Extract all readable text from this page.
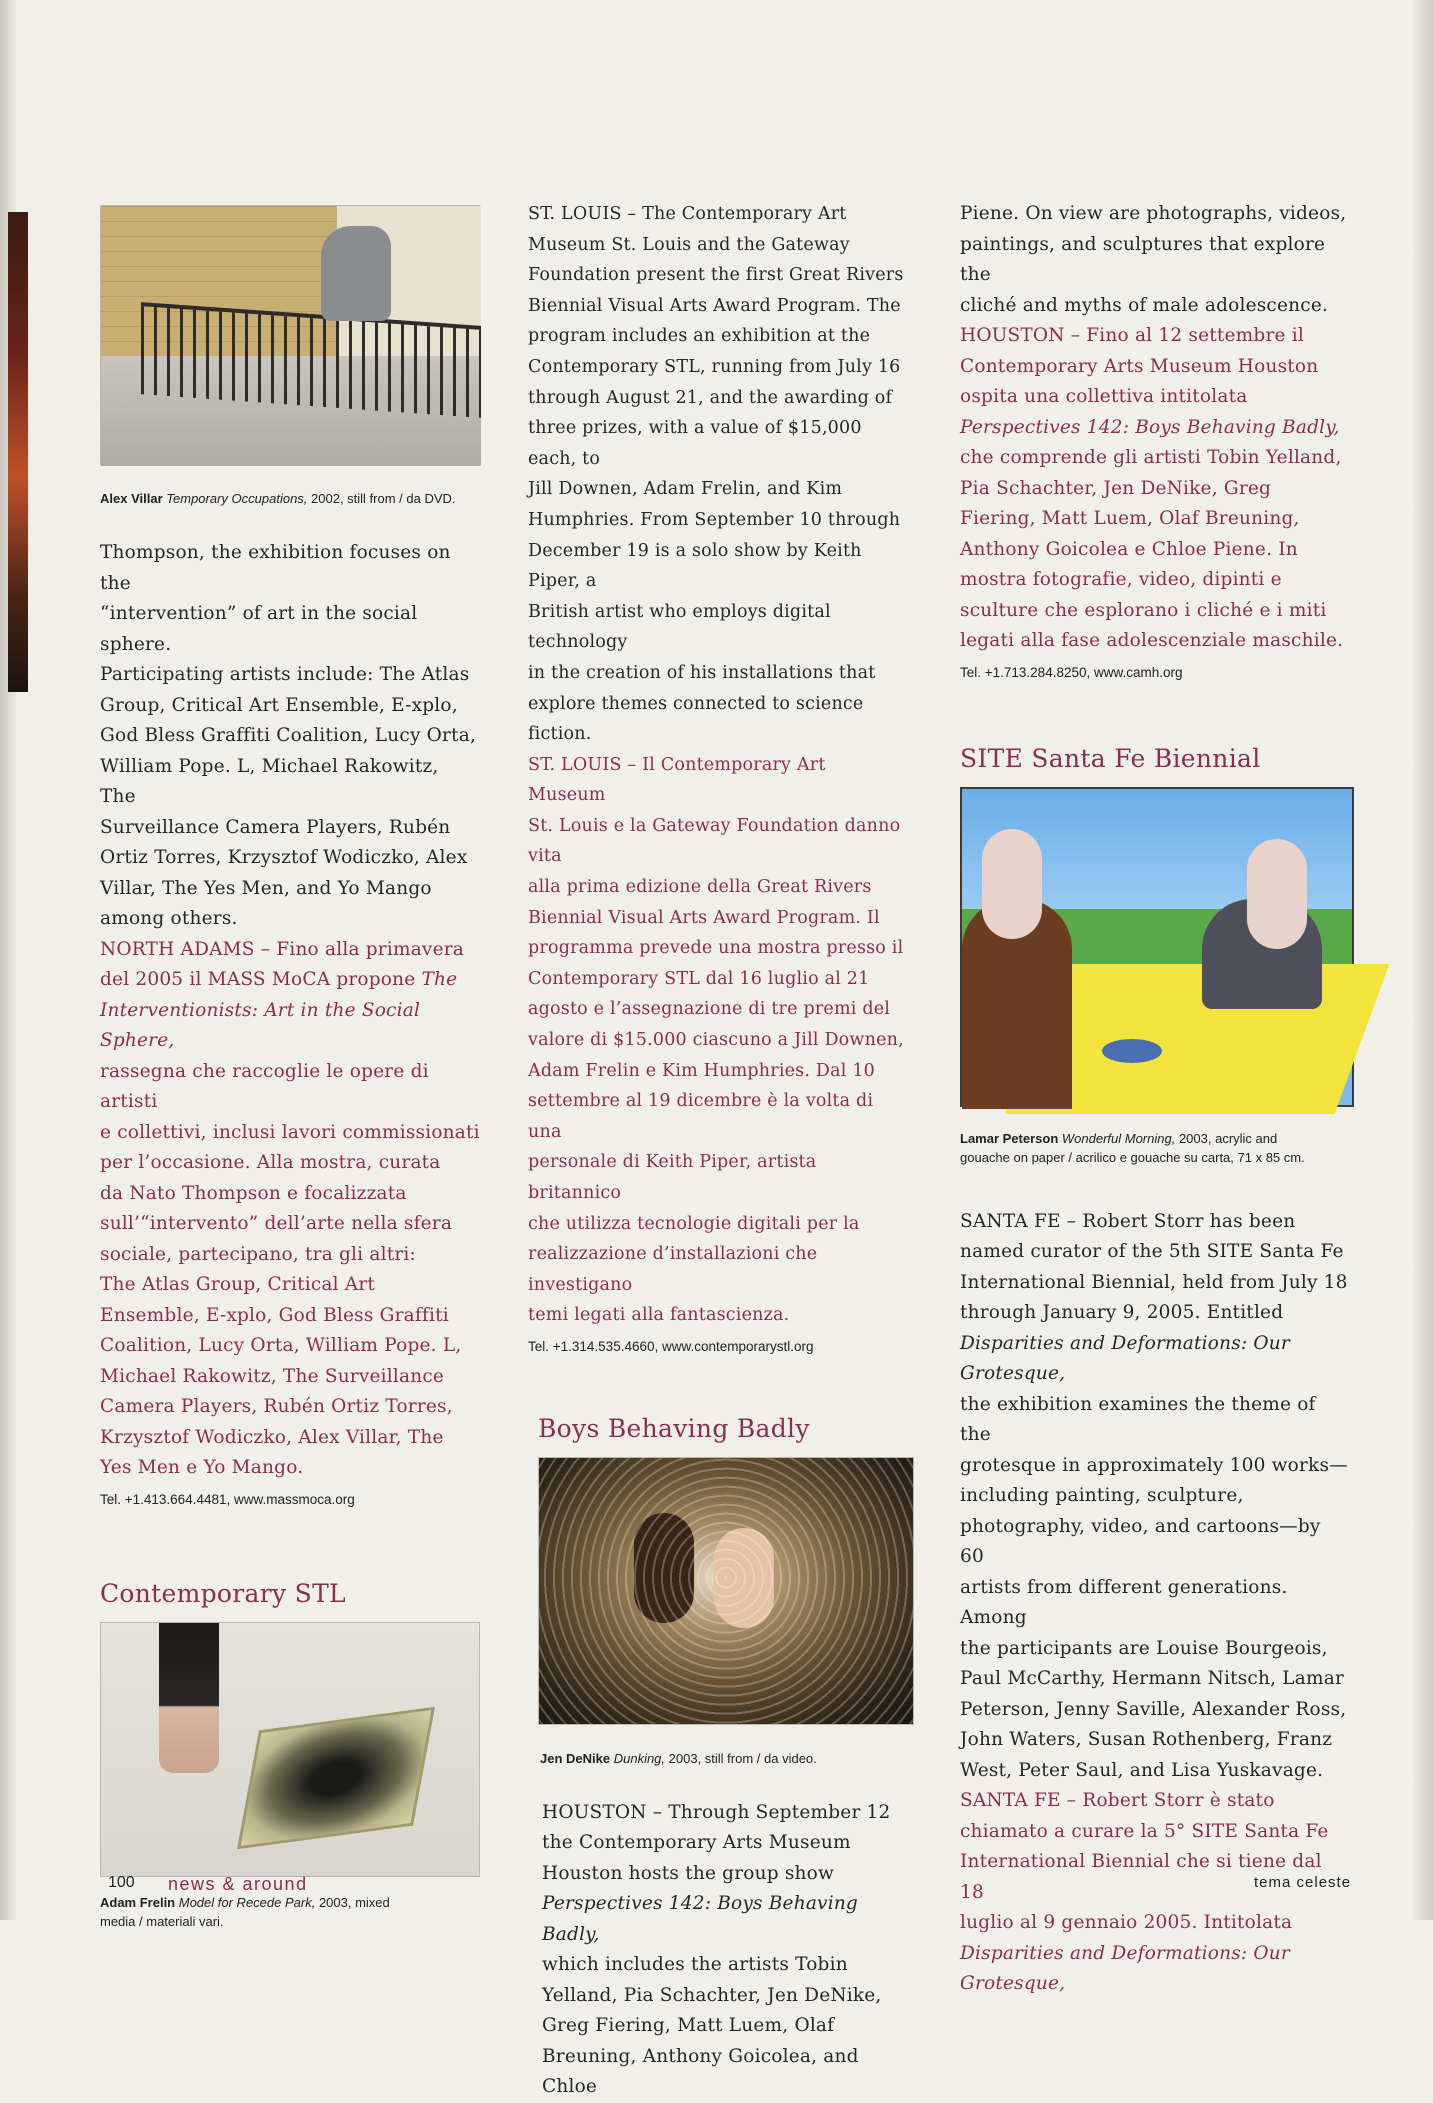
Alex Villar Temporary Occupations, 2002, still from / da DVD.
Thompson, the exhibition focuses on the
“intervention” of art in the social sphere.
Participating artists include: The Atlas
Group, Critical Art Ensemble, E-xplo,
God Bless Graffiti Coalition, Lucy Orta,
William Pope. L, Michael Rakowitz, The
Surveillance Camera Players, Rubén
Ortiz Torres, Krzysztof Wodiczko, Alex
Villar, The Yes Men, and Yo Mango
among others.
NORTH ADAMS – Fino alla primavera
del 2005 il MASS MoCA propone The
Interventionists: Art in the Social Sphere,
rassegna che raccoglie le opere di artisti
e collettivi, inclusi lavori commissionati
per l’occasione. Alla mostra, curata
da Nato Thompson e focalizzata
sull’“intervento” dell’arte nella sfera
sociale, partecipano, tra gli altri:
The Atlas Group, Critical Art
Ensemble, E-xplo, God Bless Graffiti
Coalition, Lucy Orta, William Pope. L,
Michael Rakowitz, The Surveillance
Camera Players, Rubén Ortiz Torres,
Krzysztof Wodiczko, Alex Villar, The
Yes Men e Yo Mango.
Tel. +1.413.664.4481, www.massmoca.org
Contemporary STL
Adam Frelin Model for Recede Park, 2003, mixed
media / materiali vari.
ST. LOUIS – The Contemporary Art
Museum St. Louis and the Gateway
Foundation present the first Great Rivers
Biennial Visual Arts Award Program. The
program includes an exhibition at the
Contemporary STL, running from July 16
through August 21, and the awarding of
three prizes, with a value of $15,000 each, to
Jill Downen, Adam Frelin, and Kim
Humphries. From September 10 through
December 19 is a solo show by Keith Piper, a
British artist who employs digital technology
in the creation of his installations that
explore themes connected to science fiction.
ST. LOUIS – Il Contemporary Art Museum
St. Louis e la Gateway Foundation danno vita
alla prima edizione della Great Rivers
Biennial Visual Arts Award Program. Il
programma prevede una mostra presso il
Contemporary STL dal 16 luglio al 21
agosto e l’assegnazione di tre premi del
valore di $15.000 ciascuno a Jill Downen,
Adam Frelin e Kim Humphries. Dal 10
settembre al 19 dicembre è la volta di una
personale di Keith Piper, artista britannico
che utilizza tecnologie digitali per la
realizzazione d’installazioni che investigano
temi legati alla fantascienza.
Tel. +1.314.535.4660, www.contemporarystl.org
Boys Behaving Badly
Jen DeNike Dunking, 2003, still from / da video.
HOUSTON – Through September 12
the Contemporary Arts Museum
Houston hosts the group show
Perspectives 142: Boys Behaving Badly,
which includes the artists Tobin
Yelland, Pia Schachter, Jen DeNike,
Greg Fiering, Matt Luem, Olaf
Breuning, Anthony Goicolea, and Chloe
Piene. On view are photographs, videos,
paintings, and sculptures that explore the
cliché and myths of male adolescence.
HOUSTON – Fino al 12 settembre il
Contemporary Arts Museum Houston
ospita una collettiva intitolata
Perspectives 142: Boys Behaving Badly,
che comprende gli artisti Tobin Yelland,
Pia Schachter, Jen DeNike, Greg
Fiering, Matt Luem, Olaf Breuning,
Anthony Goicolea e Chloe Piene. In
mostra fotografie, video, dipinti e
sculture che esplorano i cliché e i miti
legati alla fase adolescenziale maschile.
Tel. +1.713.284.8250, www.camh.org
SITE Santa Fe Biennial
Lamar Peterson Wonderful Morning, 2003, acrylic and
gouache on paper / acrilico e gouache su carta, 71 x 85 cm.
SANTA FE – Robert Storr has been
named curator of the 5th SITE Santa Fe
International Biennial, held from July 18
through January 9, 2005. Entitled
Disparities and Deformations: Our Grotesque,
the exhibition examines the theme of the
grotesque in approximately 100 works—
including painting, sculpture,
photography, video, and cartoons—by 60
artists from different generations. Among
the participants are Louise Bourgeois,
Paul McCarthy, Hermann Nitsch, Lamar
Peterson, Jenny Saville, Alexander Ross,
John Waters, Susan Rothenberg, Franz
West, Peter Saul, and Lisa Yuskavage.
SANTA FE – Robert Storr è stato
chiamato a curare la 5° SITE Santa Fe
International Biennial che si tiene dal 18
luglio al 9 gennaio 2005. Intitolata
Disparities and Deformations: Our Grotesque,
100 news & around	tema celeste
